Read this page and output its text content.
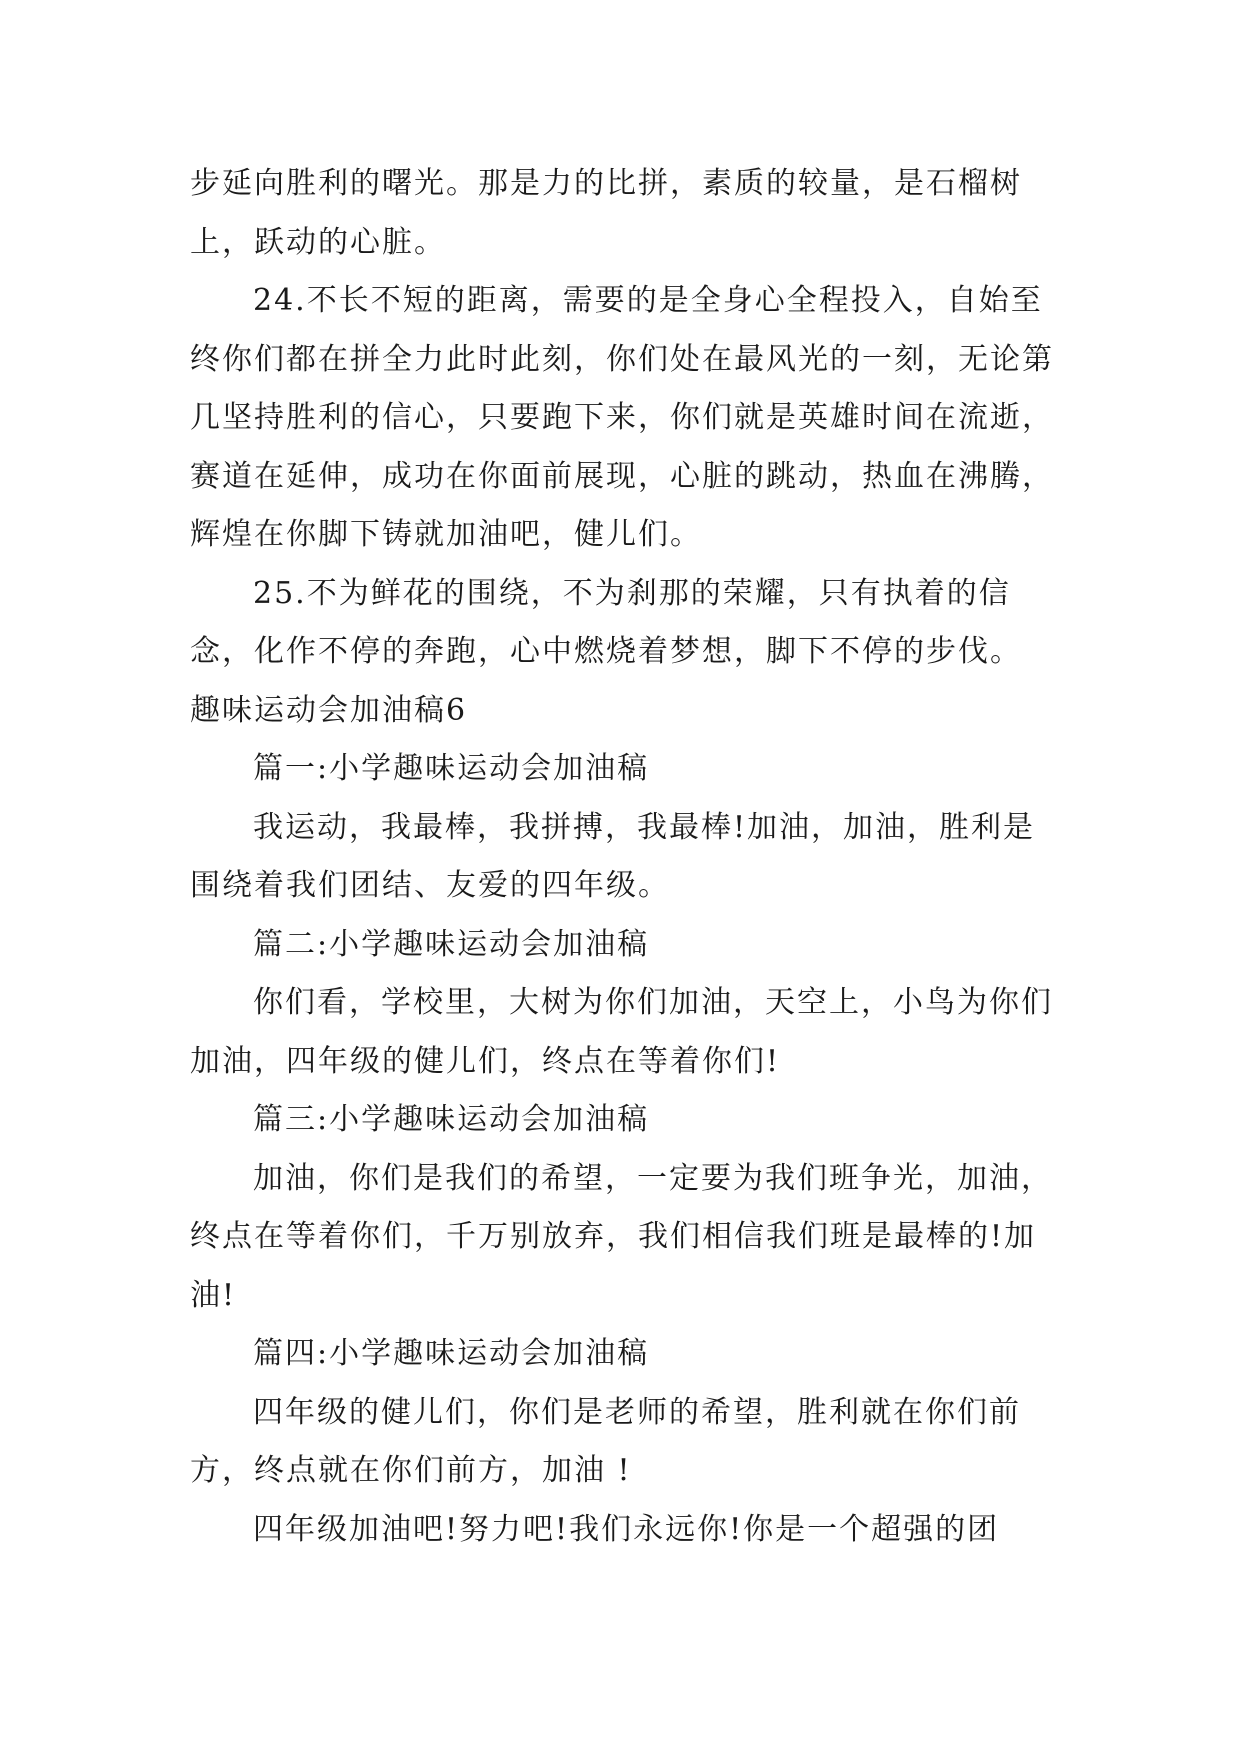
步延向胜利的曙光。那是力的比拼，素质的较量，是石榴树上，跃动的心脏。

24.不长不短的距离，需要的是全身心全程投入，自始至终你们都在拼全力此时此刻，你们处在最风光的一刻，无论第几坚持胜利的信心，只要跑下来，你们就是英雄时间在流逝，赛道在延伸，成功在你面前展现，心脏的跳动，热血在沸腾，辉煌在你脚下铸就加油吧，健儿们。

25.不为鲜花的围绕，不为刹那的荣耀，只有执着的信念，化作不停的奔跑，心中燃烧着梦想，脚下不停的步伐。

趣味运动会加油稿6

篇一:小学趣味运动会加油稿

我运动，我最棒，我拼搏，我最棒!加油，加油，胜利是围绕着我们团结、友爱的四年级。

篇二:小学趣味运动会加油稿

你们看，学校里，大树为你们加油，天空上，小鸟为你们加油，四年级的健儿们，终点在等着你们!

篇三:小学趣味运动会加油稿

加油，你们是我们的希望，一定要为我们班争光，加油，终点在等着你们，千万别放弃，我们相信我们班是最棒的!加油!

篇四:小学趣味运动会加油稿

四年级的健儿们，你们是老师的希望，胜利就在你们前方，终点就在你们前方，加油 !

四年级加油吧!努力吧!我们永远你!你是一个超强的团
